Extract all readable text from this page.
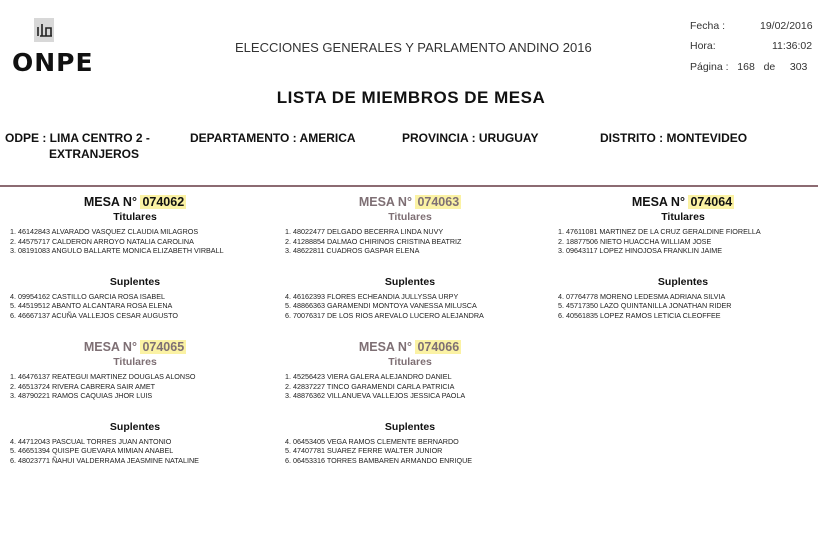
ONPE
ELECCIONES GENERALES Y PARLAMENTO ANDINO 2016
Fecha :	19/02/2016
Hora:	11:36:02
Página : 168 de 303
LISTA DE MIEMBROS DE MESA
ODPE : LIMA CENTRO 2 -
EXTRANJEROS
DEPARTAMENTO : AMERICA	PROVINCIA : URUGUAY	DISTRITO : MONTEVIDEO
MESA N° 074062
Titulares
1. 46142843 ALVARADO VASQUEZ CLAUDIA MILAGROS
2. 44575717 CALDERON ARROYO NATALIA CAROLINA
3. 08191083 ANGULO BALLARTE MONICA ELIZABETH VIRBALL
Suplentes
4. 09954162 CASTILLO GARCIA ROSA ISABEL
5. 44519512 ABANTO ALCANTARA ROSA ELENA
6. 46667137 ACUÑA VALLEJOS CESAR AUGUSTO
MESA N° 074063
Titulares
1. 48022477 DELGADO BECERRA LINDA NUVY
2. 41288854 DALMAO CHIRINOS CRISTINA BEATRIZ
3. 48622811 CUADROS GASPAR ELENA
Suplentes
4. 46162393 FLORES ECHEANDIA JULLYSSA URPY
5. 48866363 GARAMENDI MONTOYA VANESSA MILUSCA
6. 70076317 DE LOS RIOS AREVALO LUCERO ALEJANDRA
MESA N° 074064
Titulares
1. 47611081 MARTINEZ DE LA CRUZ GERALDINE FIORELLA
2. 18877506 NIETO HUACCHA WILLIAM JOSE
3. 09643117 LOPEZ HINOJOSA FRANKLIN JAIME
Suplentes
4. 07764778 MORENO LEDESMA ADRIANA SILVIA
5. 45717350 LAZO QUINTANILLA JONATHAN RIDER
6. 40561835 LOPEZ RAMOS LETICIA CLEOFFEE
MESA N° 074065
Titulares
1. 46476137 REATEGUI MARTINEZ DOUGLAS ALONSO
2. 46513724 RIVERA CABRERA SAIR AMET
3. 48790221 RAMOS CAQUIAS JHOR LUIS
Suplentes
4. 44712043 PASCUAL TORRES JUAN ANTONIO
5. 46651394 QUISPE GUEVARA MIMIAN ANABEL
6. 48023771 ÑAHUI VALDERRAMA JEASMINE NATALINE
MESA N° 074066
Titulares
1. 45256423 VIERA GALERA ALEJANDRO DANIEL
2. 42837227 TINCO GARAMENDI CARLA PATRICIA
3. 48876362 VILLANUEVA VALLEJOS JESSICA PAOLA
Suplentes
4. 06453405 VEGA RAMOS CLEMENTE BERNARDO
5. 47407781 SUAREZ FERRE WALTER JUNIOR
6. 06453316 TORRES BAMBAREN ARMANDO ENRIQUE
